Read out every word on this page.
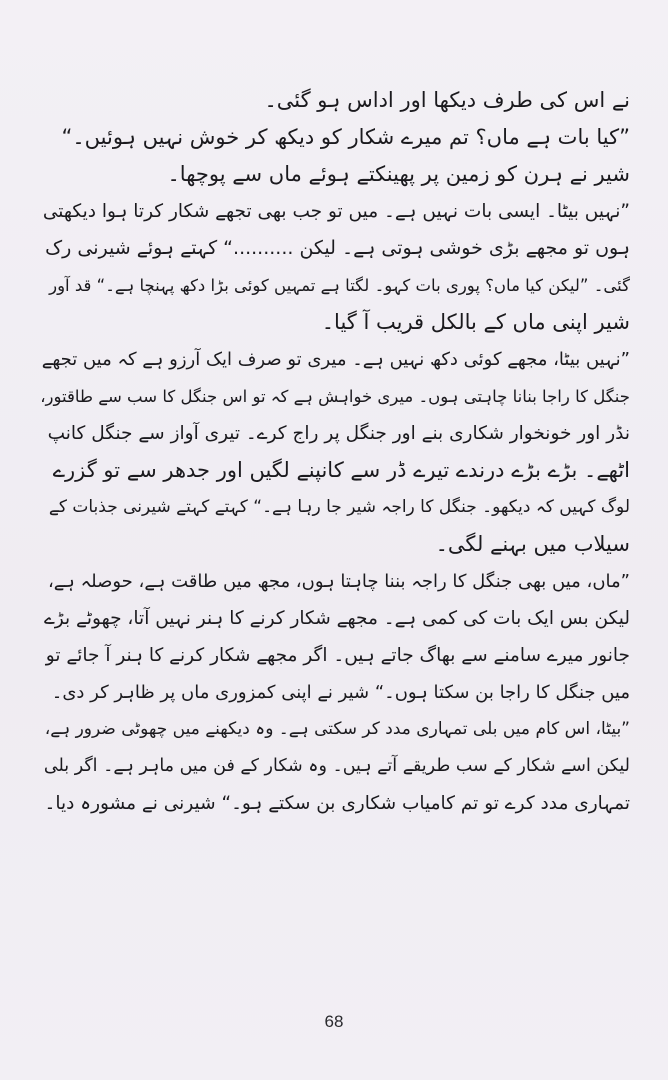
نے اس کی طرف دیکھا اور اداس ہو گئی۔
”کیا بات ہے ماں؟ تم میرے شکار کو دیکھ کر خوش نہیں ہوئیں۔“
شیر نے ہرن کو زمین پر پھینکتے ہوئے ماں سے پوچھا۔
”نہیں بیٹا۔ ایسی بات نہیں ہے۔ میں تو جب بھی تجھے شکار کرتا ہوا دیکھتی
ہوں تو مجھے بڑی خوشی ہوتی ہے۔ لیکن ..........“ کہتے ہوئے شیرنی رک
گئی۔ ”لیکن کیا ماں؟ پوری بات کہو۔ لگتا ہے تمہیں کوئی بڑا دکھ پہنچا ہے۔“ قد آور
شیر اپنی ماں کے بالکل قریب آ گیا۔
”نہیں بیٹا، مجھے کوئی دکھ نہیں ہے۔ میری تو صرف ایک آرزو ہے کہ میں تجھے
جنگل کا راجا بنانا چاہتی ہوں۔ میری خواہش ہے کہ تو اس جنگل کا سب سے طاقتور،
نڈر اور خونخوار شکاری بنے اور جنگل پر راج کرے۔ تیری آواز سے جنگل کانپ
اٹھے۔ بڑے بڑے درندے تیرے ڈر سے کانپنے لگیں اور جدھر سے تو گزرے
لوگ کہیں کہ دیکھو۔ جنگل کا راجہ شیر جا رہا ہے۔“ کہتے کہتے شیرنی جذبات کے
سیلاب میں بہنے لگی۔
”ماں، میں بھی جنگل کا راجہ بننا چاہتا ہوں، مجھ میں طاقت ہے، حوصلہ ہے،
لیکن بس ایک بات کی کمی ہے۔ مجھے شکار کرنے کا ہنر نہیں آتا، چھوٹے بڑے
جانور میرے سامنے سے بھاگ جاتے ہیں۔ اگر مجھے شکار کرنے کا ہنر آ جائے تو
میں جنگل کا راجا بن سکتا ہوں۔“ شیر نے اپنی کمزوری ماں پر ظاہر کر دی۔
”بیٹا، اس کام میں بلی تمہاری مدد کر سکتی ہے۔ وہ دیکھنے میں چھوٹی ضرور ہے،
لیکن اسے شکار کے سب طریقے آتے ہیں۔ وہ شکار کے فن میں ماہر ہے۔ اگر بلی
تمہاری مدد کرے تو تم کامیاب شکاری بن سکتے ہو۔“ شیرنی نے مشورہ دیا۔
68
